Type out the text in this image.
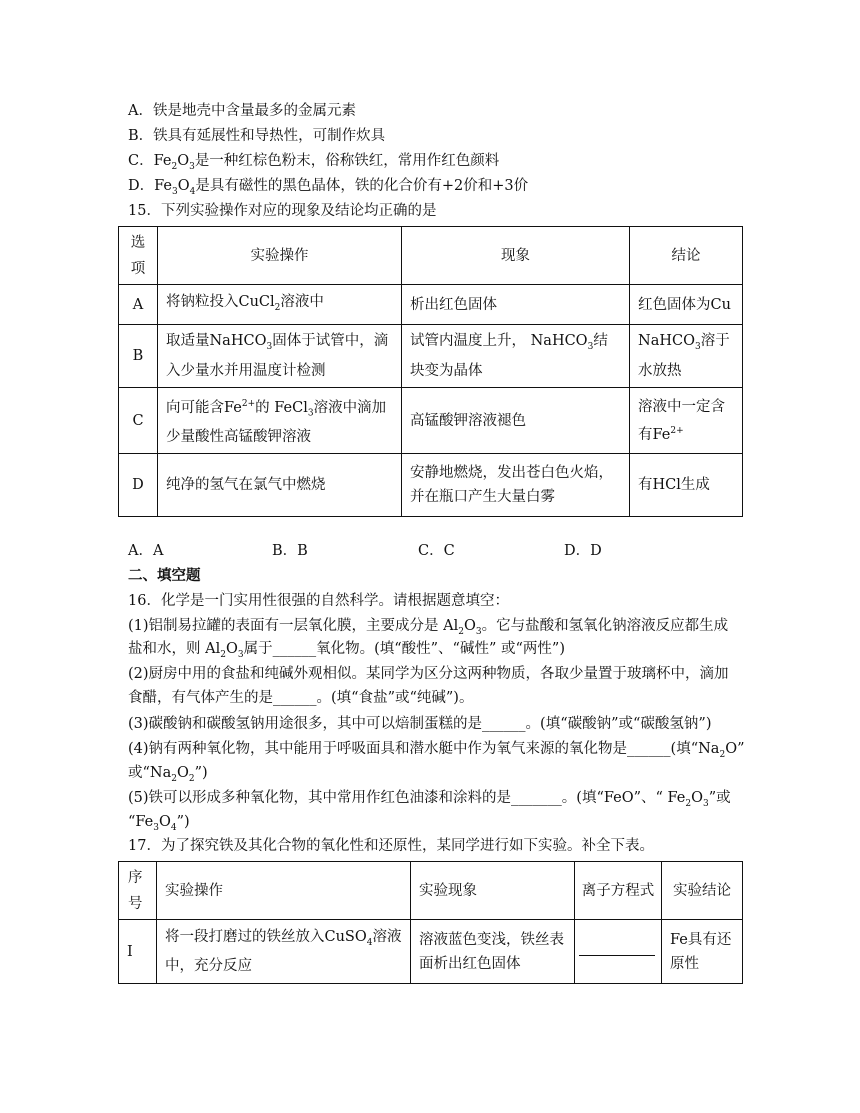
A．铁是地壳中含量最多的金属元素
B．铁具有延展性和导热性，可制作炊具
C．$Fe_2O_3$是一种红棕色粉末，俗称铁红，常用作红色颜料
D．$Fe_3O_4$是具有磁性的黑色晶体，铁的化合价有+2价和+3价
15．下列实验操作对应的现象及结论均正确的是
选项	实验操作	现象	结论
A	将钠粒投入CuCl$_2$溶液中	析出红色固体	红色固体为Cu
B	取适量NaHCO$_3$固体于试管中，滴入少量水并用温度计检测	试管内温度上升， NaHCO$_3$结块变为晶体	NaHCO$_3$溶于水放热
C	向可能含$Fe^{2+}$的 FeCl$_3$溶液中滴加少量酸性高锰酸钾溶液	高锰酸钾溶液褪色	溶液中一定含有$Fe^{2+}$
D	纯净的氢气在氯气中燃烧	安静地燃烧，发出苍白色火焰，并在瓶口产生大量白雾	有HCl生成
A．A	B．B	C．C	D．D
二、填空题
16．化学是一门实用性很强的自然科学。请根据题意填空：
(1)铝制易拉罐的表面有一层氧化膜，主要成分是 $Al_2O_3$。它与盐酸和氢氧化钠溶液反应都生成
盐和水，则 $Al_2O_3$属于______氧化物。(填“酸性”、“碱性” 或“两性”)
(2)厨房中用的食盐和纯碱外观相似。某同学为区分这两种物质，各取少量置于玻璃杯中，滴加
食醋，有气体产生的是______。(填“食盐”或“纯碱”)。
(3)碳酸钠和碳酸氢钠用途很多，其中可以焙制蛋糕的是______。(填“碳酸钠”或“碳酸氢钠”)
(4)钠有两种氧化物，其中能用于呼吸面具和潜水艇中作为氧气来源的氧化物是______(填“$Na_2O$”
或“$Na_2O_2$”)
(5)铁可以形成多种氧化物，其中常用作红色油漆和涂料的是_______。(填“FeO”、“ $Fe_2O_3$”或
“$Fe_3O_4$”)
17．为了探究铁及其化合物的氧化性和还原性，某同学进行如下实验。补全下表。
序号	实验操作	实验现象	离子方程式	实验结论
I	将一段打磨过的铁丝放入CuSO$_4$溶液中，充分反应	溶液蓝色变浅，铁丝表面析出红色固体		Fe具有还原性
